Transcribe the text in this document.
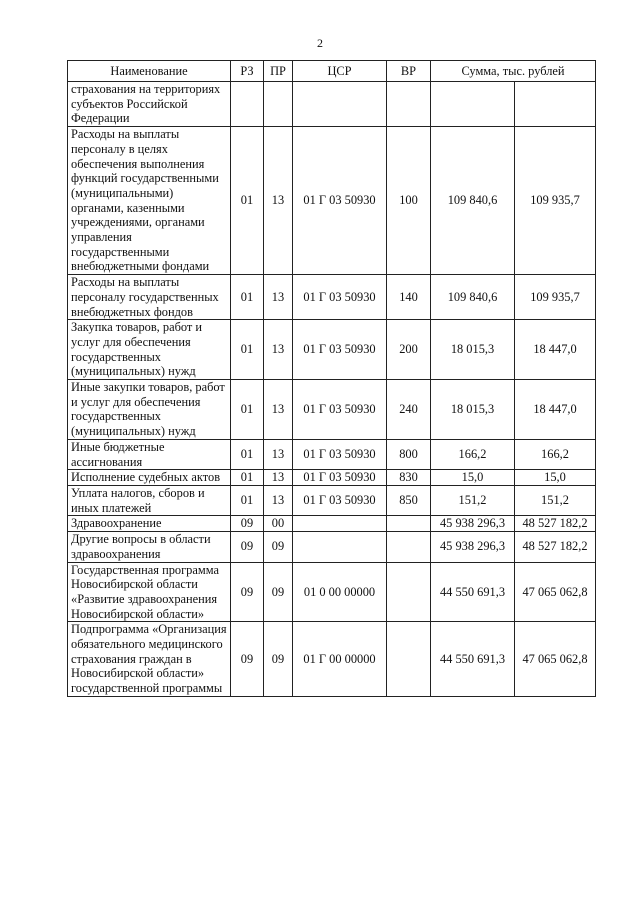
2
Наименование	РЗ	ПР	ЦСР	ВР	Сумма, тыс. рублей	
страхования на территориях субъектов Российской Федерации						
Расходы на выплаты персоналу в целях обеспечения выполнения функций государственными (муниципальными) органами, казенными учреждениями, органами управления государственными внебюджетными фондами	01	13	01 Г 03 50930	100	109 840,6	109 935,7
Расходы на выплаты персоналу государственных внебюджетных фондов	01	13	01 Г 03 50930	140	109 840,6	109 935,7
Закупка товаров, работ и услуг для обеспечения государственных (муниципальных) нужд	01	13	01 Г 03 50930	200	18 015,3	18 447,0
Иные закупки товаров, работ и услуг для обеспечения государственных (муниципальных) нужд	01	13	01 Г 03 50930	240	18 015,3	18 447,0
Иные бюджетные ассигнования	01	13	01 Г 03 50930	800	166,2	166,2
Исполнение судебных актов	01	13	01 Г 03 50930	830	15,0	15,0
Уплата налогов, сборов и иных платежей	01	13	01 Г 03 50930	850	151,2	151,2
Здравоохранение	09	00			45 938 296,3	48 527 182,2
Другие вопросы в области здравоохранения	09	09			45 938 296,3	48 527 182,2
Государственная программа Новосибирской области «Развитие здравоохранения Новосибирской области»	09	09	01 0 00 00000		44 550 691,3	47 065 062,8
Подпрограмма «Организация обязательного медицинского страхования граждан в Новосибирской области» государственной программы	09	09	01 Г 00 00000		44 550 691,3	47 065 062,8
